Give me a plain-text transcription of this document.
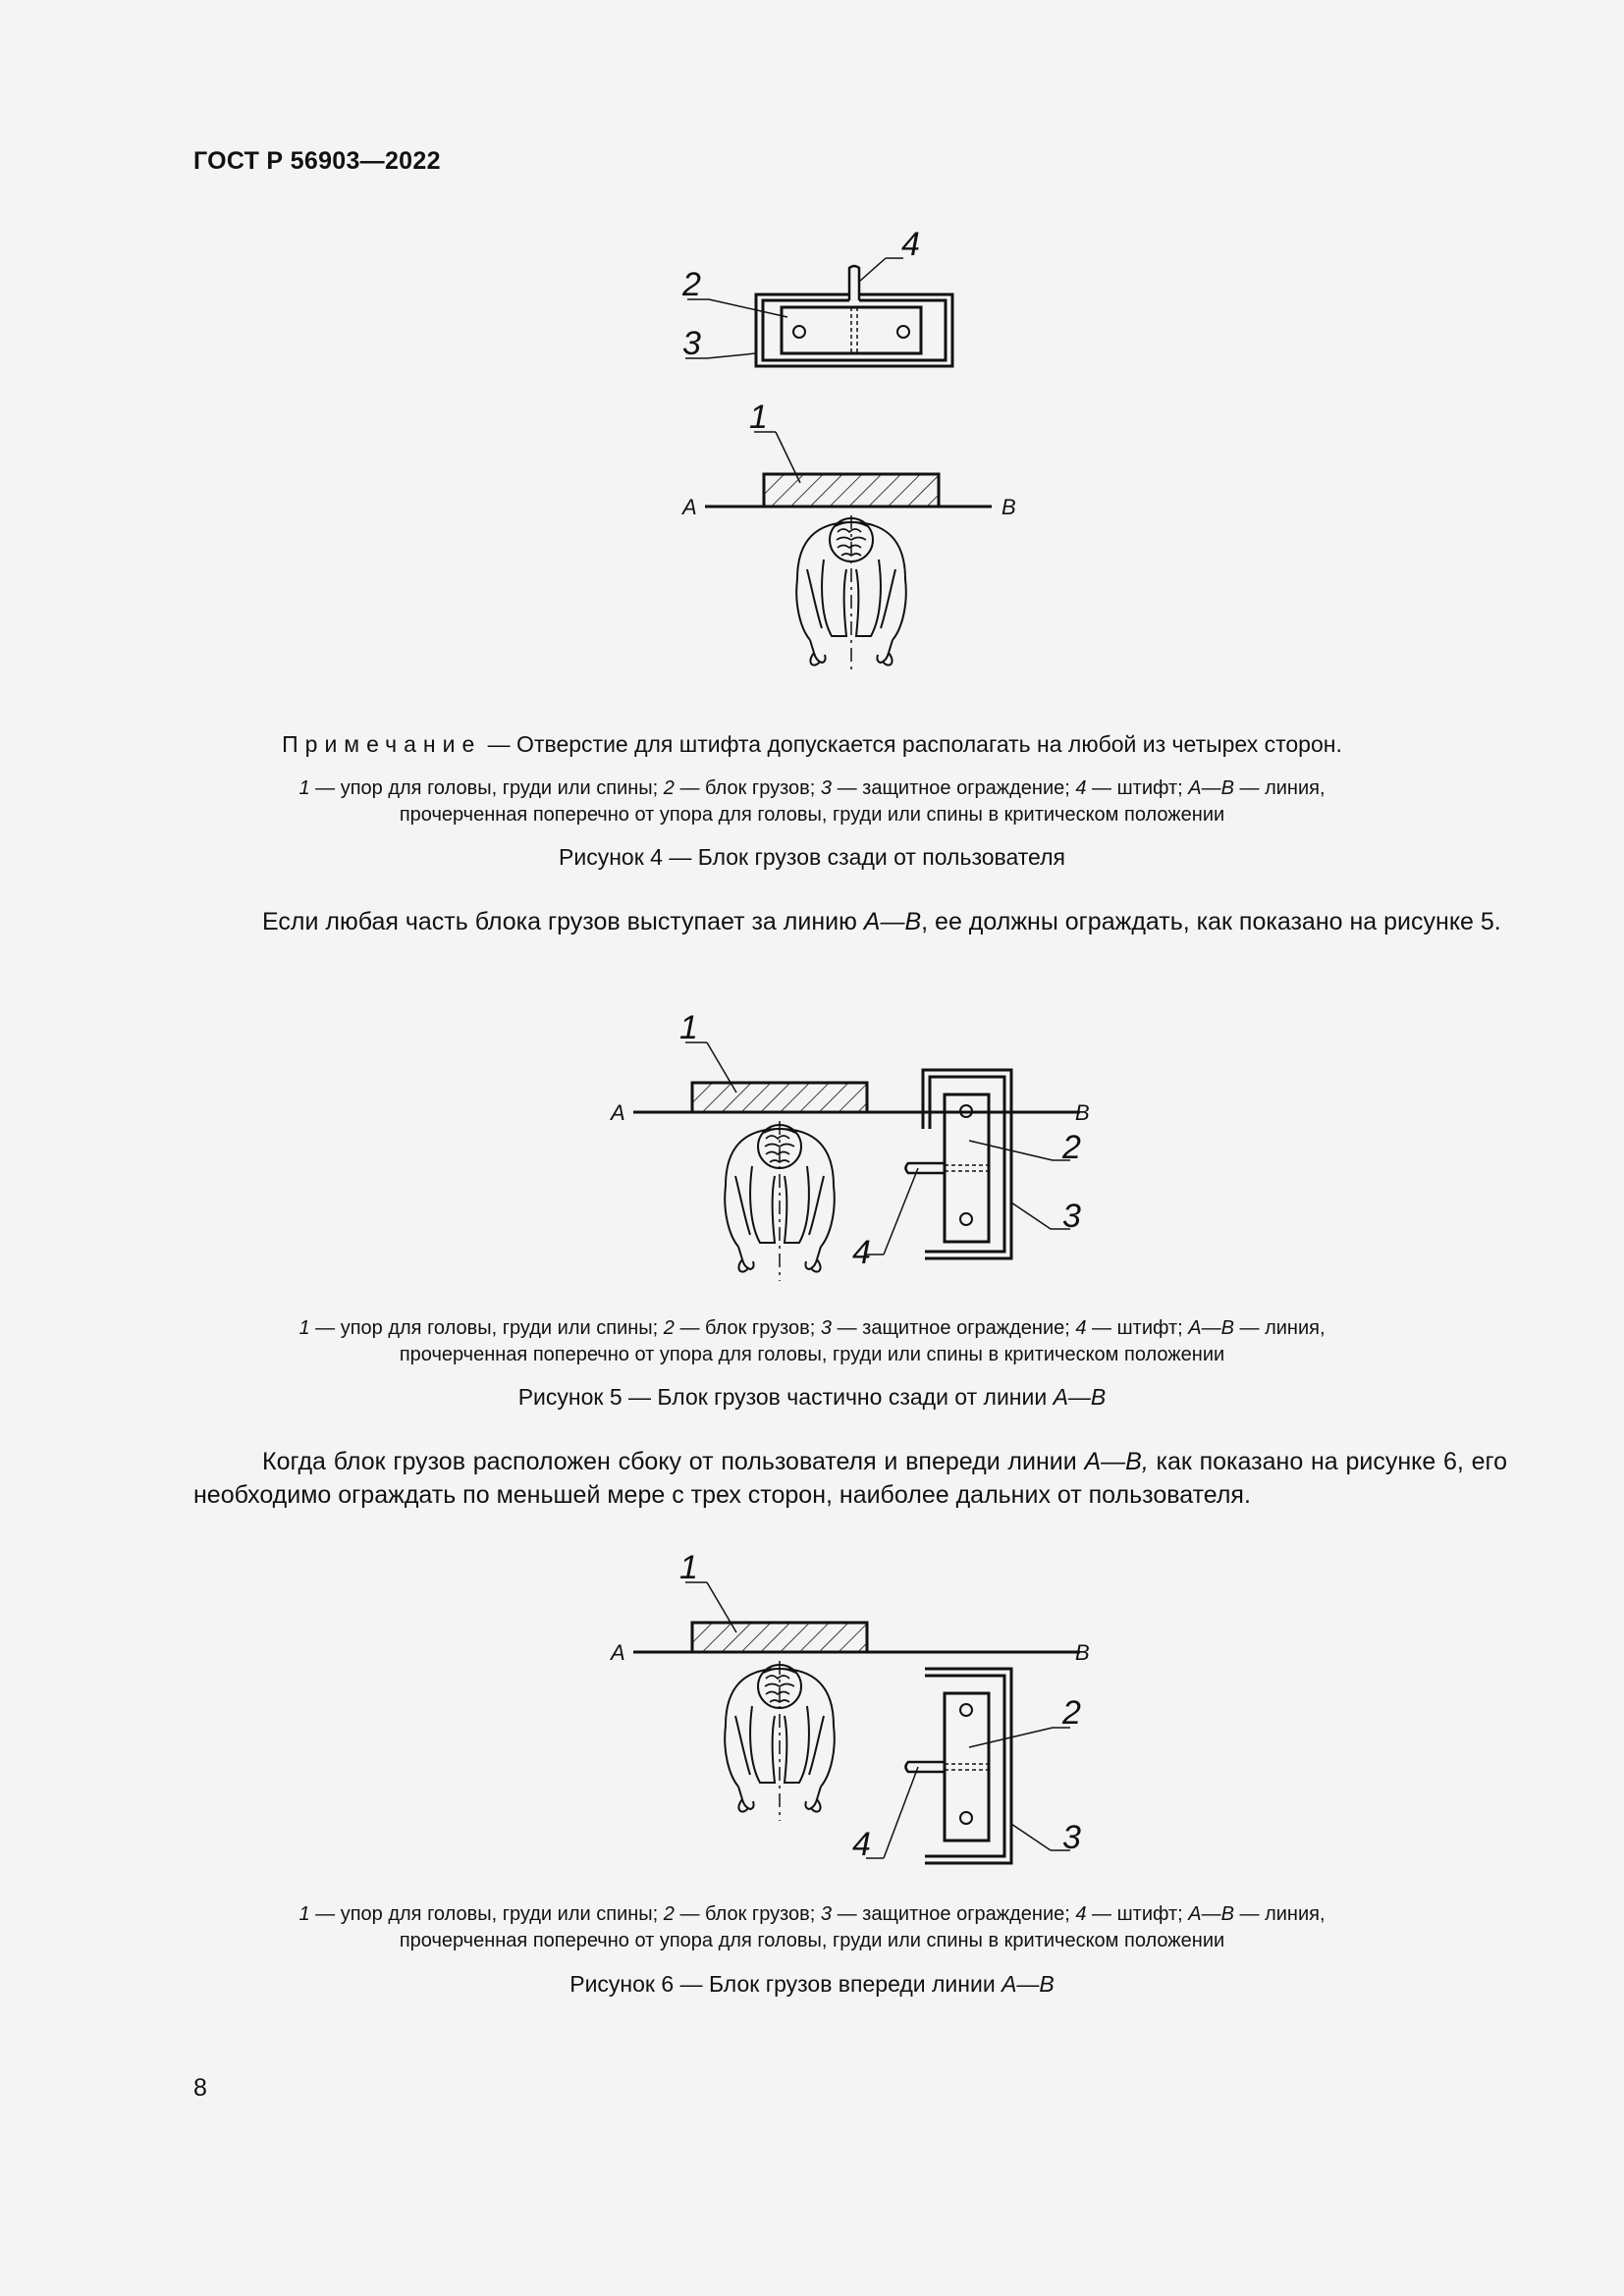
ГОСТ Р 56903—2022
4
2
3
A	B
1
Примечание — Отверстие для штифта допускается располагать на любой из четырех сторон.
1 — упор для головы, груди или спины; 2 — блок грузов; 3 — защитное ограждение; 4 — штифт; A—B — линия,
прочерченная поперечно от упора для головы, груди или спины в критическом положении
Рисунок 4 — Блок грузов сзади от пользователя
Если любая часть блока грузов выступает за линию A—B, ее должны ограждать, как показано на рисунке 5.
A	B
1
2
3
4
1 — упор для головы, груди или спины; 2 — блок грузов; 3 — защитное ограждение; 4 — штифт; A—B — линия,
прочерченная поперечно от упора для головы, груди или спины в критическом положении
Рисунок 5 — Блок грузов частично сзади от линии A—B
Когда блок грузов расположен сбоку от пользователя и впереди линии A—B, как показано на рисунке 6, его необходимо ограждать по меньшей мере с трех сторон, наиболее дальних от пользователя.
A	B
1
2
3
4
1 — упор для головы, груди или спины; 2 — блок грузов; 3 — защитное ограждение; 4 — штифт; A—B — линия,
прочерченная поперечно от упора для головы, груди или спины в критическом положении
Рисунок 6 — Блок грузов впереди линии A—B
8
